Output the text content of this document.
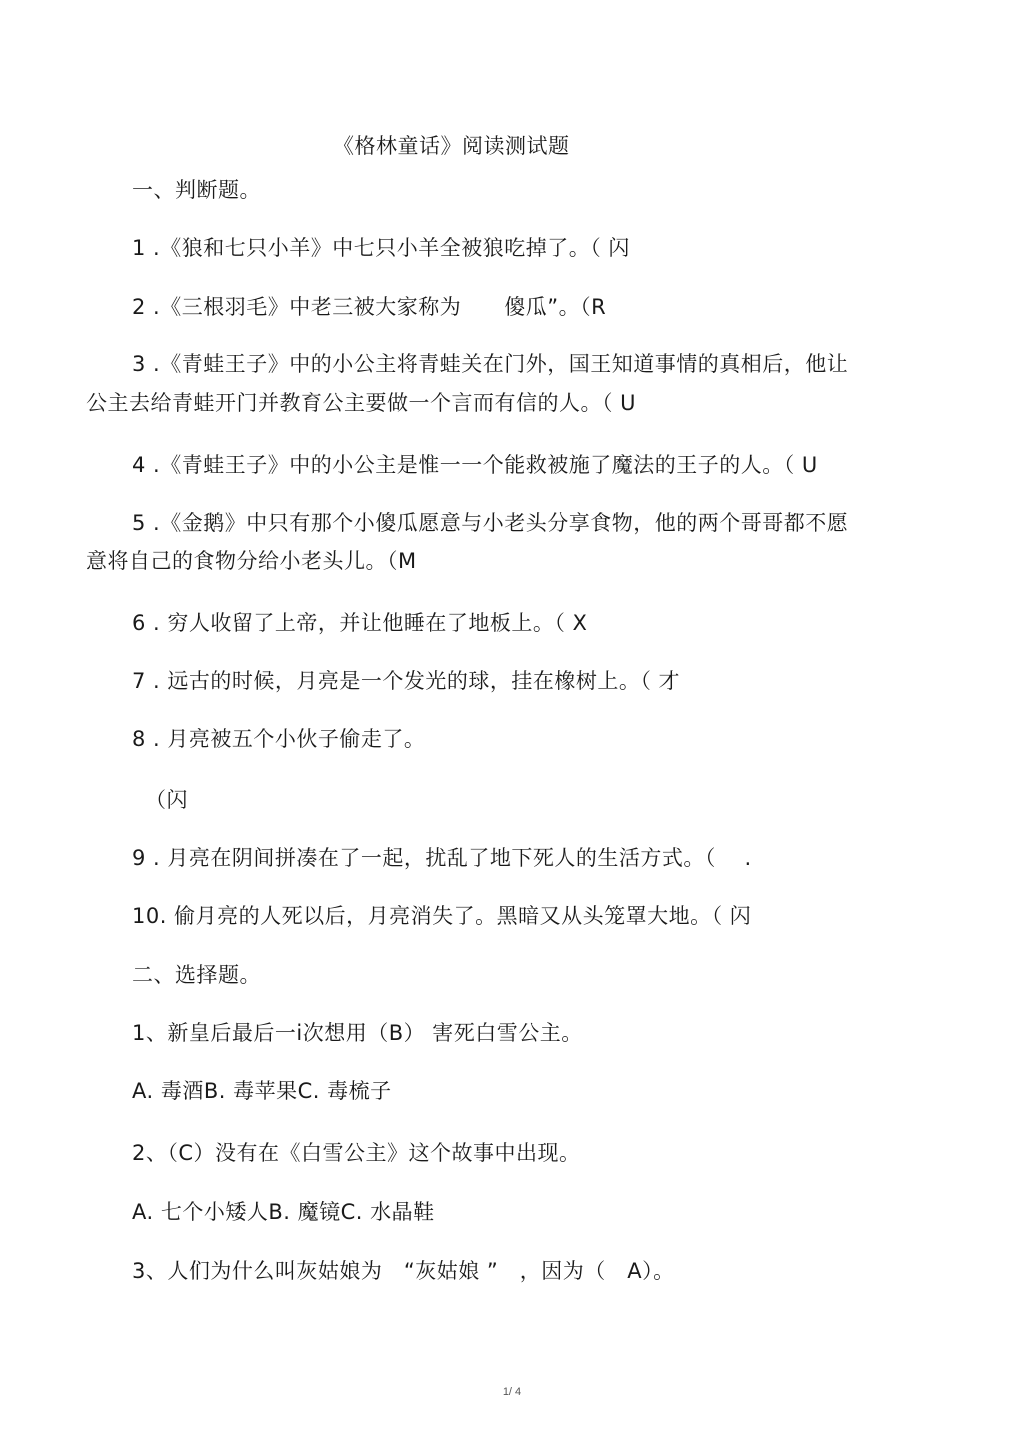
《格林童话》阅读测试题
一、判断题。
1 .《狼和七只小羊》中七只小羊全被狼吃掉了。（ 闪
2 .《三根羽毛》中老三被大家称为　　傻瓜”。（R
3 .《青蛙王子》中的小公主将青蛙关在门外，国王知道事情的真相后，他让
公主去给青蛙开门并教育公主要做一个言而有信的人。（ U
4 .《青蛙王子》中的小公主是惟一一个能救被施了魔法的王子的人。（ U
5 .《金鹅》中只有那个小傻瓜愿意与小老头分享食物，他的两个哥哥都不愿
意将自己的食物分给小老头儿。（M
6 . 穷人收留了上帝，并让他睡在了地板上。（ X
7 . 远古的时候，月亮是一个发光的球，挂在橡树上。（ 才
8 . 月亮被五个小伙子偷走了。
（闪
9 . 月亮在阴间拼凑在了一起，扰乱了地下死人的生活方式。（　 .
10. 偷月亮的人死以后，月亮消失了。黑暗又从头笼罩大地。（ 闪
二、选择题。
1、新皇后最后一i次想用（B） 害死白雪公主。
A. 毒酒B. 毒苹果C. 毒梳子
2、（C）没有在《白雪公主》这个故事中出现。
A. 七个小矮人B. 魔镜C. 水晶鞋
3、人们为什么叫灰姑娘为　“灰姑娘 ”　，因为（　A）。
1/ 4
